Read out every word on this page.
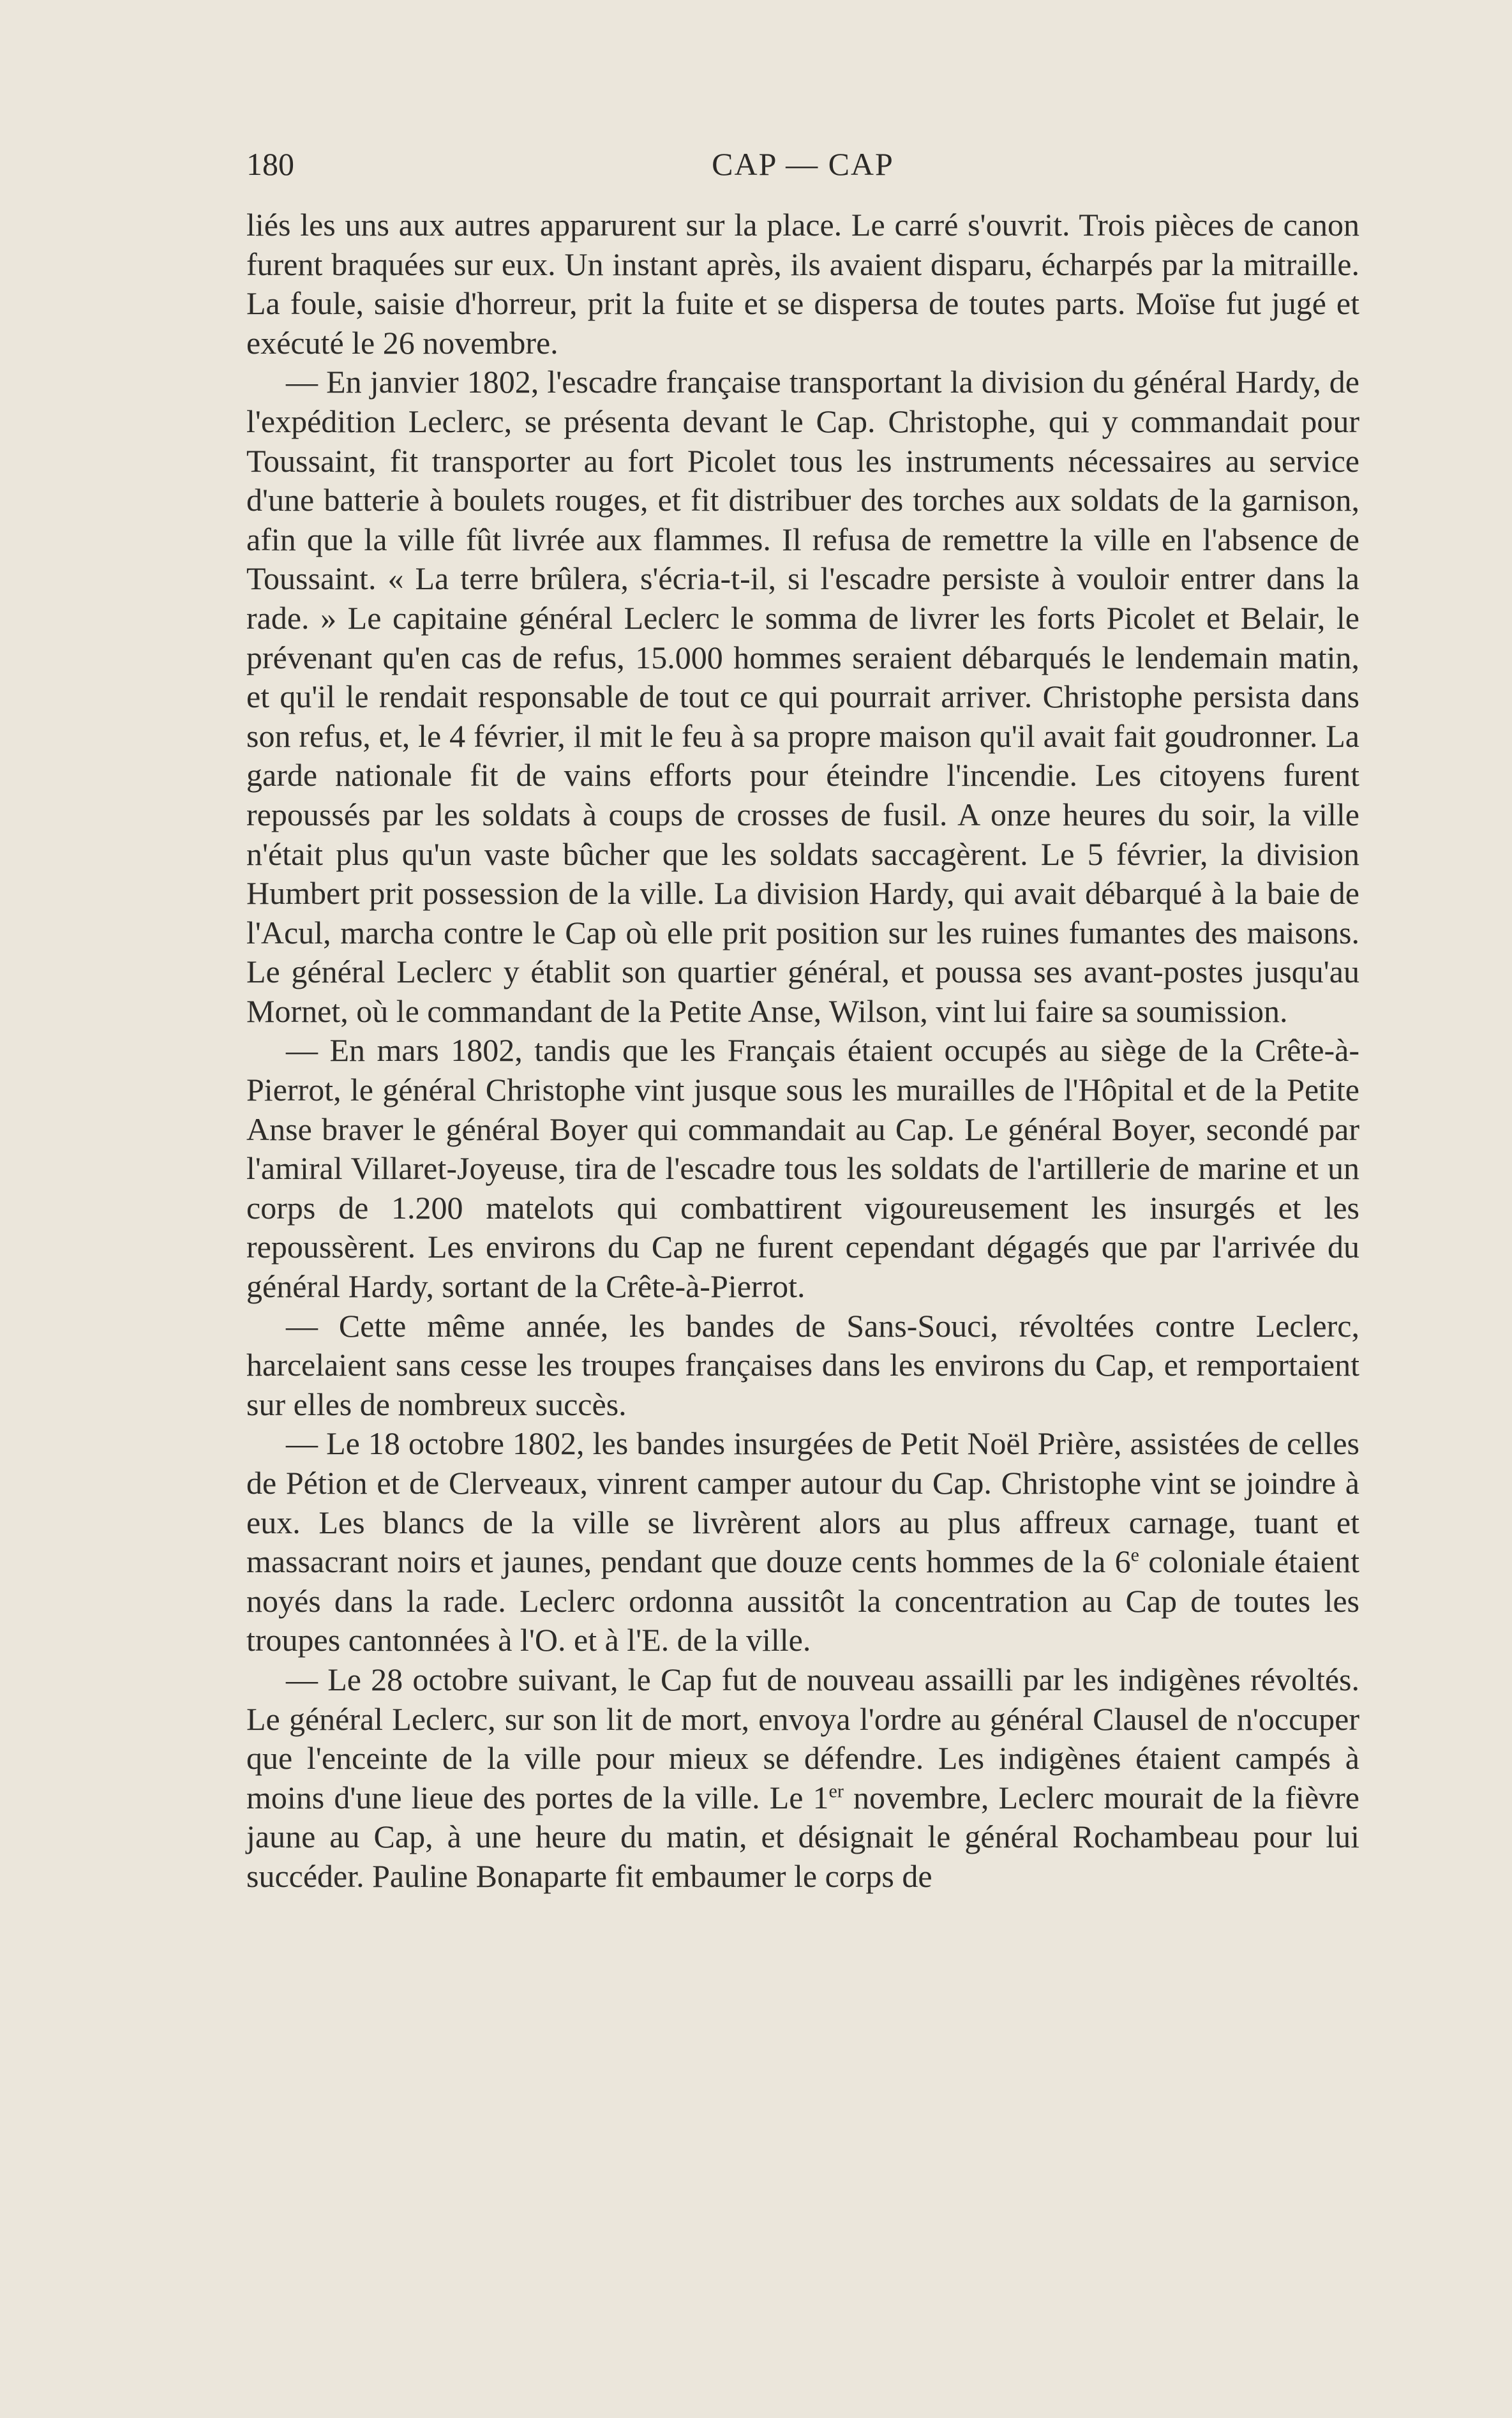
180	CAP — CAP

liés les uns aux autres apparurent sur la place. Le carré s'ouvrit. Trois pièces de canon furent braquées sur eux. Un instant après, ils avaient disparu, écharpés par la mitraille. La foule, saisie d'horreur, prit la fuite et se dispersa de toutes parts. Moïse fut jugé et exécuté le 26 novembre.

— En janvier 1802, l'escadre française transportant la division du général Hardy, de l'expédition Leclerc, se présenta devant le Cap. Christophe, qui y commandait pour Toussaint, fit transporter au fort Picolet tous les instruments nécessaires au service d'une batterie à boulets rouges, et fit distribuer des torches aux soldats de la garnison, afin que la ville fût livrée aux flammes. Il refusa de remettre la ville en l'absence de Toussaint. « La terre brûlera, s'écria-t-il, si l'escadre persiste à vouloir entrer dans la rade. » Le capitaine général Leclerc le somma de livrer les forts Picolet et Belair, le prévenant qu'en cas de refus, 15.000 hommes seraient débarqués le lendemain matin, et qu'il le rendait responsable de tout ce qui pourrait arriver. Christophe persista dans son refus, et, le 4 février, il mit le feu à sa propre maison qu'il avait fait goudronner. La garde nationale fit de vains efforts pour éteindre l'incendie. Les citoyens furent repoussés par les soldats à coups de crosses de fusil. A onze heures du soir, la ville n'était plus qu'un vaste bûcher que les soldats saccagèrent. Le 5 février, la division Humbert prit possession de la ville. La division Hardy, qui avait débarqué à la baie de l'Acul, marcha contre le Cap où elle prit position sur les ruines fumantes des maisons. Le général Leclerc y établit son quartier général, et poussa ses avant-postes jusqu'au Mornet, où le commandant de la Petite Anse, Wilson, vint lui faire sa soumission.

— En mars 1802, tandis que les Français étaient occupés au siège de la Crête-à-Pierrot, le général Christophe vint jusque sous les murailles de l'Hôpital et de la Petite Anse braver le général Boyer qui commandait au Cap. Le général Boyer, secondé par l'amiral Villaret-Joyeuse, tira de l'escadre tous les soldats de l'artillerie de marine et un corps de 1.200 matelots qui combattirent vigoureusement les insurgés et les repoussèrent. Les environs du Cap ne furent cependant dégagés que par l'arrivée du général Hardy, sortant de la Crête-à-Pierrot.

— Cette même année, les bandes de Sans-Souci, révoltées contre Leclerc, harcelaient sans cesse les troupes françaises dans les environs du Cap, et remportaient sur elles de nombreux succès.

— Le 18 octobre 1802, les bandes insurgées de Petit Noël Prière, assistées de celles de Pétion et de Clerveaux, vinrent camper autour du Cap. Christophe vint se joindre à eux. Les blancs de la ville se livrèrent alors au plus affreux carnage, tuant et massacrant noirs et jaunes, pendant que douze cents hommes de la 6e coloniale étaient noyés dans la rade. Leclerc ordonna aussitôt la concentration au Cap de toutes les troupes cantonnées à l'O. et à l'E. de la ville.

— Le 28 octobre suivant, le Cap fut de nouveau assailli par les indigènes révoltés. Le général Leclerc, sur son lit de mort, envoya l'ordre au général Clausel de n'occuper que l'enceinte de la ville pour mieux se défendre. Les indigènes étaient campés à moins d'une lieue des portes de la ville. Le 1er novembre, Leclerc mourait de la fièvre jaune au Cap, à une heure du matin, et désignait le général Rochambeau pour lui succéder. Pauline Bonaparte fit embaumer le corps de
